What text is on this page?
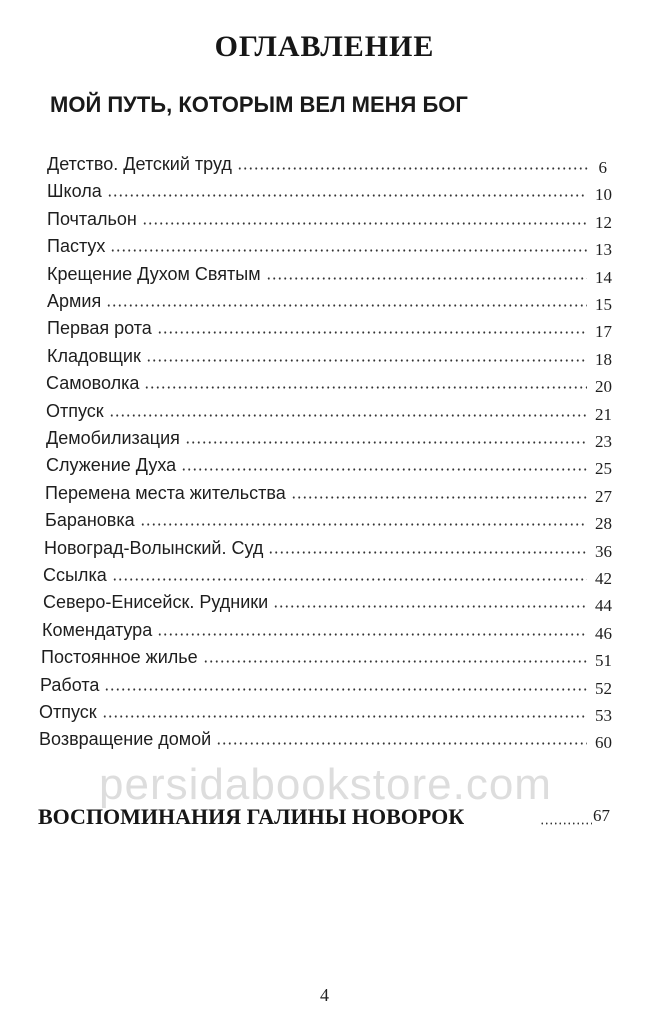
ОГЛАВЛЕНИЕ
МОЙ ПУТЬ, КОТОРЫМ ВЕЛ МЕНЯ БОГ
Детство. Детский труд	6
Школа	10
Почтальон	12
Пастух	13
Крещение Духом Святым	14
Армия	15
Первая рота	17
Кладовщик	18
Самоволка	20
Отпуск	21
Демобилизация	23
Служение Духа	25
Перемена места жительства	27
Барановка	28
Новоград-Волынский. Суд	36
Ссылка	42
Северо-Енисейск. Рудники	44
Комендатура	46
Постоянное жилье	51
Работа	52
Отпуск	53
Возвращение домой	60
persidabookstore.com
ВОСПОМИНАНИЯ ГАЛИНЫ НОВОРОК	67
4
